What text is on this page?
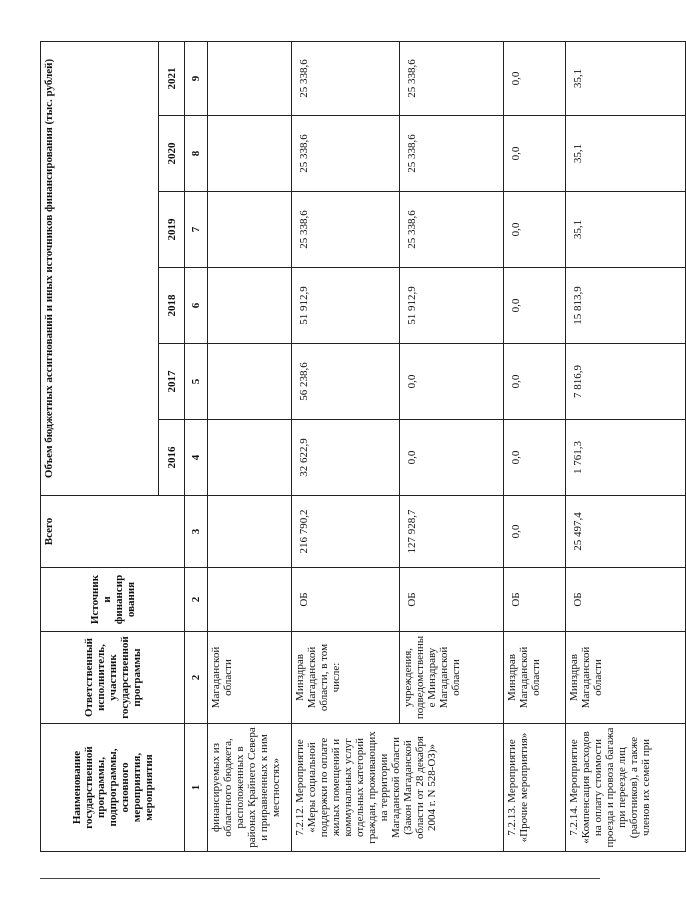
Наименование государственной программы, подпрограммы, основного мероприятия, мероприятия	Ответственный исполнитель, участник государственной программы	Источник и финансир ования	Всего	Объем бюджетных ассигнований и иных источников финансирования (тыс. рублей)					
				2016	2017	2018	2019	2020	2021
1	2	2	3	4	5	6	7	8	9
финансируемых из областного бюджета, расположенных в районах Крайнего Севера и приравненных к ним местностях»	Магаданской области								
7.2.12. Мероприятие «Меры социальной поддержки по оплате жилых помещений и коммунальных услуг отдельных категорий граждан, проживающих на территории Магаданской области (Закон Магаданской области от 28 декабря 2004 г. N 528-ОЗ)»	Минздрав Магаданской области, в том числе:	ОБ	216 790,2	32 622,9	56 238,6	51 912,9	25 338,6	25 338,6	25 338,6
	учреждения, подведомственны е Минздраву Магаданской области	ОБ	127 928,7	0,0	0,0	51 912,9	25 338,6	25 338,6	25 338,6
7.2.13. Мероприятие «Прочие мероприятия»	Минздрав Магаданской области	ОБ	0,0	0,0	0,0	0,0	0,0	0,0	0,0
7.2.14. Мероприятие «Компенсация расходов на оплату стоимости проезда и провоза багажа при переезде лиц (работников), а также членов их семей при	Минздрав Магаданской области	ОБ	25 497,4	1 761,3	7 816,9	15 813,9	35,1	35,1	35,1
